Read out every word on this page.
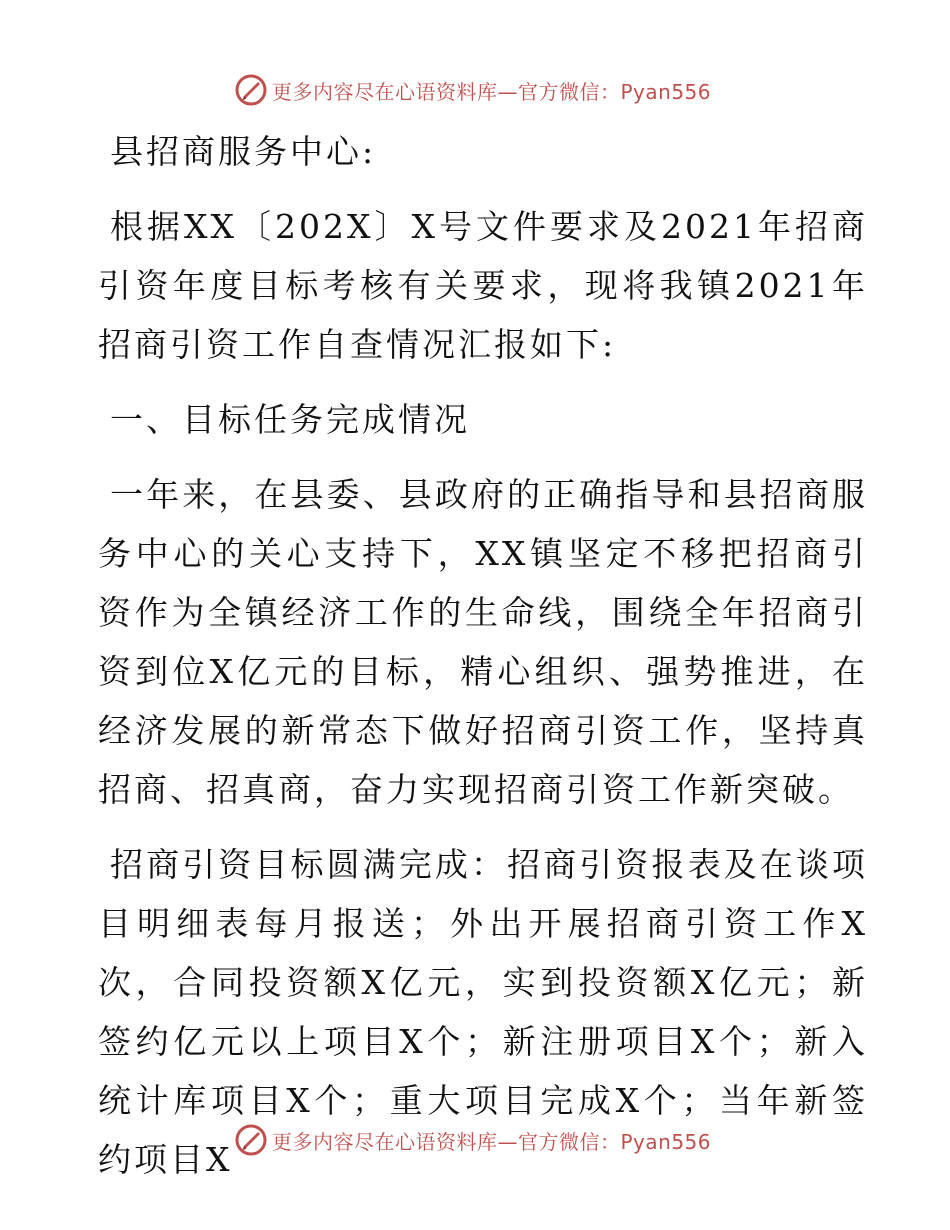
更多内容尽在心语资料库—官方微信：Pyan556

县招商服务中心:

根据XX〔202X〕X号文件要求及2021年招商引资年度目标考核有关要求，现将我镇2021年招商引资工作自查情况汇报如下:

一、目标任务完成情况

一年来，在县委、县政府的正确指导和县招商服务中心的关心支持下，XX镇坚定不移把招商引资作为全镇经济工作的生命线，围绕全年招商引资到位X亿元的目标，精心组织、强势推进，在经济发展的新常态下做好招商引资工作，坚持真招商、招真商，奋力实现招商引资工作新突破。

招商引资目标圆满完成：招商引资报表及在谈项目明细表每月报送；外出开展招商引资工作X次，合同投资额X亿元，实到投资额X亿元；新签约亿元以上项目X个；新注册项目X个；新入统计库项目X个；重大项目完成X个；当年新签约项目X	更多内容尽在心语资料库—官方微信：Pyan556
